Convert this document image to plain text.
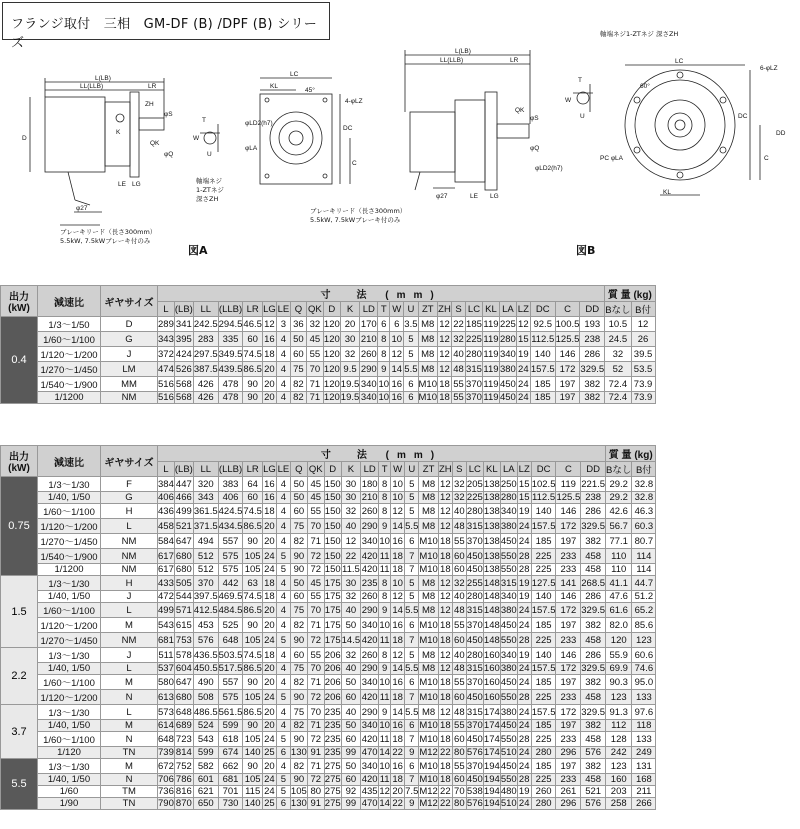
フランジ取付　三相　GM-DF (B) /DPF (B) シリーズ
L(LB)
LL(LLB)	LR
LC
KL
45°
4-φLZ
DC
C
D
K
ZH
QK
LG
LE
φ27
φS
φQ
φLD2(h7)
φLA
T
W
U
L(LB)
LL(LLB)	LR	LC
6-φLZ
60°
KL
PC φLA
DC
C
DD
LG
LE
QK
φS
φQ
φLD2(h7)
φ27
T
W
U
軸端ネジ
1-ZTネジ
深さZH
軸端ネジ1-ZTネジ 深さZH
ブレーキリード（長さ300mm）
5.5kW, 7.5kWブレーキ付のみ
ブレーキリード（長さ300mm）
5.5kW, 7.5kWブレーキ付のみ
図A	図B
出力
(kW)	減速比	ギヤサイズ	寸　法 (mm)																									質 量 (kg)	
			L	(LB)	LL	(LLB)	LR	LG	LE	Q	QK	D	K	LD	T	W	U	ZT	ZH	S	LC	KL	LA	LZ	DC	C	DD	Bなし	B付
0.4	1/3～1/50	D	289	341	242.5	294.5	46.5	12	3	36	32	120	20	170	6	6	3.5	M8	12	22	185	119	225	12	92.5	100.5	193	10.5	12
	1/60～1/100	G	343	395	283	335	60	16	4	50	45	120	30	210	8	10	5	M8	12	32	225	119	280	15	112.5	125.5	238	24.5	26
	1/120～1/200	J	372	424	297.5	349.5	74.5	18	4	60	55	120	32	260	8	12	5	M8	12	40	280	119	340	19	140	146	286	32	39.5
	1/270～1/450	LM	474	526	387.5	439.5	86.5	20	4	75	70	120	9.5	290	9	14	5.5	M8	12	48	315	119	380	24	157.5	172	329.5	52	53.5
	1/540～1/900	MM	516	568	426	478	90	20	4	82	71	120	19.5	340	10	16	6	M10	18	55	370	119	450	24	185	197	382	72.4	73.9
	1/1200	NM	516	568	426	478	90	20	4	82	71	120	19.5	340	10	16	6	M10	18	55	370	119	450	24	185	197	382	72.4	73.9
出力
(kW)	減速比	ギヤサイズ	寸　法 (mm)																									質 量 (kg)	
			L	(LB)	LL	(LLB)	LR	LG	LE	Q	QK	D	K	LD	T	W	U	ZT	ZH	S	LC	KL	LA	LZ	DC	C	DD	Bなし	B付
0.75	1/3～1/30	F	384	447	320	383	64	16	4	50	45	150	30	180	8	10	5	M8	12	32	205	138	250	15	102.5	119	221.5	29.2	32.8
	1/40, 1/50	G	406	466	343	406	60	16	4	50	45	150	30	210	8	10	5	M8	12	32	225	138	280	15	112.5	125.5	238	29.2	32.8
	1/60～1/100	H	436	499	361.5	424.5	74.5	18	4	60	55	150	32	260	8	12	5	M8	12	40	280	138	340	19	140	146	286	42.6	46.3
	1/120～1/200	L	458	521	371.5	434.5	86.5	20	4	75	70	150	40	290	9	14	5.5	M8	12	48	315	138	380	24	157.5	172	329.5	56.7	60.3
	1/270～1/450	NM	584	647	494	557	90	20	4	82	71	150	12	340	10	16	6	M10	18	55	370	138	450	24	185	197	382	77.1	80.7
	1/540～1/900	NM	617	680	512	575	105	24	5	90	72	150	22	420	11	18	7	M10	18	60	450	138	550	28	225	233	458	110	114
	1/1200	NM	617	680	512	575	105	24	5	90	72	150	11.5	420	11	18	7	M10	18	60	450	138	550	28	225	233	458	110	114
1.5	1/3～1/30	H	433	505	370	442	63	18	4	50	45	175	30	235	8	10	5	M8	12	32	255	148	315	19	127.5	141	268.5	41.1	44.7
	1/40, 1/50	J	472	544	397.5	469.5	74.5	18	4	60	55	175	32	260	8	12	5	M8	12	40	280	148	340	19	140	146	286	47.6	51.2
	1/60～1/100	L	499	571	412.5	484.5	86.5	20	4	75	70	175	40	290	9	14	5.5	M8	12	48	315	148	380	24	157.5	172	329.5	61.6	65.2
	1/120～1/200	M	543	615	453	525	90	20	4	82	71	175	50	340	10	16	6	M10	18	55	370	148	450	24	185	197	382	82.0	85.6
	1/270～1/450	NM	681	753	576	648	105	24	5	90	72	175	14.5	420	11	18	7	M10	18	60	450	148	550	28	225	233	458	120	123
2.2	1/3～1/30	J	511	578	436.5	503.5	74.5	18	4	60	55	206	32	260	8	12	5	M8	12	40	280	160	340	19	140	146	286	55.9	60.6
	1/40, 1/50	L	537	604	450.5	517.5	86.5	20	4	75	70	206	40	290	9	14	5.5	M8	12	48	315	160	380	24	157.5	172	329.5	69.9	74.6
	1/60～1/100	M	580	647	490	557	90	20	4	82	71	206	50	340	10	16	6	M10	18	55	370	160	450	24	185	197	382	90.3	95.0
	1/120～1/200	N	613	680	508	575	105	24	5	90	72	206	60	420	11	18	7	M10	18	60	450	160	550	28	225	233	458	123	133
3.7	1/3～1/30	L	573	648	486.5	561.5	86.5	20	4	75	70	235	40	290	9	14	5.5	M8	12	48	315	174	380	24	157.5	172	329.5	91.3	97.6
	1/40, 1/50	M	614	689	524	599	90	20	4	82	71	235	50	340	10	16	6	M10	18	55	370	174	450	24	185	197	382	112	118
	1/60～1/100	N	648	723	543	618	105	24	5	90	72	235	60	420	11	18	7	M10	18	60	450	174	550	28	225	233	458	128	133
	1/120	TN	739	814	599	674	140	25	6	130	91	235	99	470	14	22	9	M12	22	80	576	174	510	24	280	296	576	242	249
5.5	1/3～1/30	M	672	752	582	662	90	20	4	82	71	275	50	340	10	16	6	M10	18	55	370	194	450	24	185	197	382	123	131
	1/40, 1/50	N	706	786	601	681	105	24	5	90	72	275	60	420	11	18	7	M10	18	60	450	194	550	28	225	233	458	160	168
	1/60	TM	736	816	621	701	115	24	5	105	80	275	92	435	12	20	7.5	M12	22	70	538	194	480	19	260	261	521	203	211
	1/90	TN	790	870	650	730	140	25	6	130	91	275	99	470	14	22	9	M12	22	80	576	194	510	24	280	296	576	258	266
